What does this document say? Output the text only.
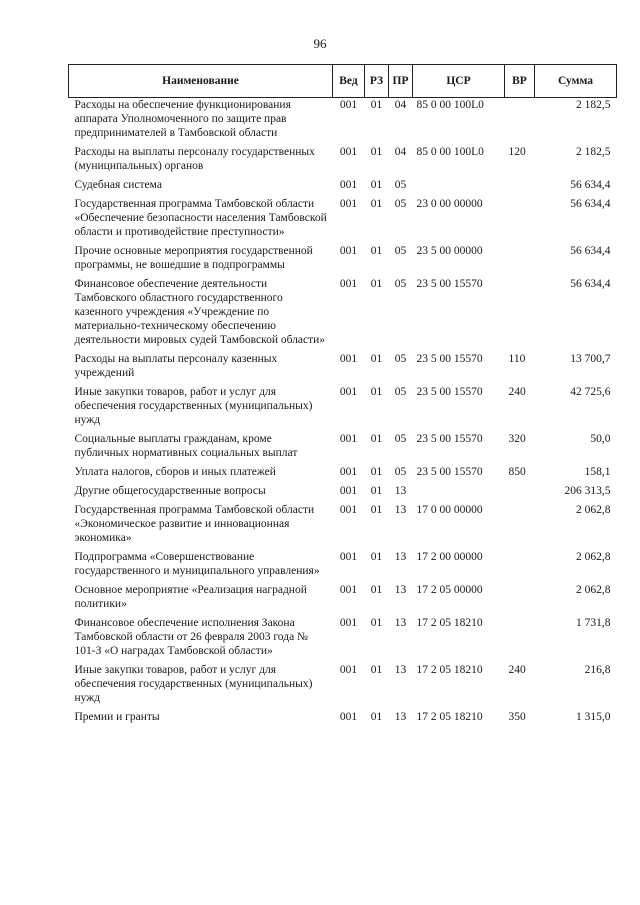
96
Наименование	Вед	РЗ	ПР	ЦСР	ВР	Сумма
Расходы на обеспечение функционирования аппарата Уполномоченного по защите прав предпринимателей в Тамбовской области	001	01	04	85 0 00 100L0		2 182,5
Расходы на выплаты персоналу государственных (муниципальных) органов	001	01	04	85 0 00 100L0	120	2 182,5
Судебная система	001	01	05			56 634,4
Государственная программа Тамбовской области «Обеспечение безопасности населения Тамбовской области и противодействие преступности»	001	01	05	23 0 00 00000		56 634,4
Прочие основные мероприятия государственной программы, не вошедшие в подпрограммы	001	01	05	23 5 00 00000		56 634,4
Финансовое обеспечение деятельности Тамбовского областного государственного казенного учреждения «Учреждение по материально-техническому обеспечению деятельности мировых судей Тамбовской области»	001	01	05	23 5 00 15570		56 634,4
Расходы на выплаты персоналу казенных учреждений	001	01	05	23 5 00 15570	110	13 700,7
Иные закупки товаров, работ и услуг для обеспечения государственных (муниципальных) нужд	001	01	05	23 5 00 15570	240	42 725,6
Социальные выплаты гражданам, кроме публичных нормативных социальных выплат	001	01	05	23 5 00 15570	320	50,0
Уплата налогов, сборов и иных платежей	001	01	05	23 5 00 15570	850	158,1
Другие общегосударственные вопросы	001	01	13			206 313,5
Государственная программа Тамбовской области «Экономическое развитие и инновационная экономика»	001	01	13	17 0 00 00000		2 062,8
Подпрограмма «Совершенствование государственного и муниципального управления»	001	01	13	17 2 00 00000		2 062,8
Основное мероприятие «Реализация наградной политики»	001	01	13	17 2 05 00000		2 062,8
Финансовое обеспечение исполнения Закона Тамбовской области от 26 февраля 2003 года № 101-З «О наградах Тамбовской области»	001	01	13	17 2 05 18210		1 731,8
Иные закупки товаров, работ и услуг для обеспечения государственных (муниципальных) нужд	001	01	13	17 2 05 18210	240	216,8
Премии и гранты	001	01	13	17 2 05 18210	350	1 315,0
